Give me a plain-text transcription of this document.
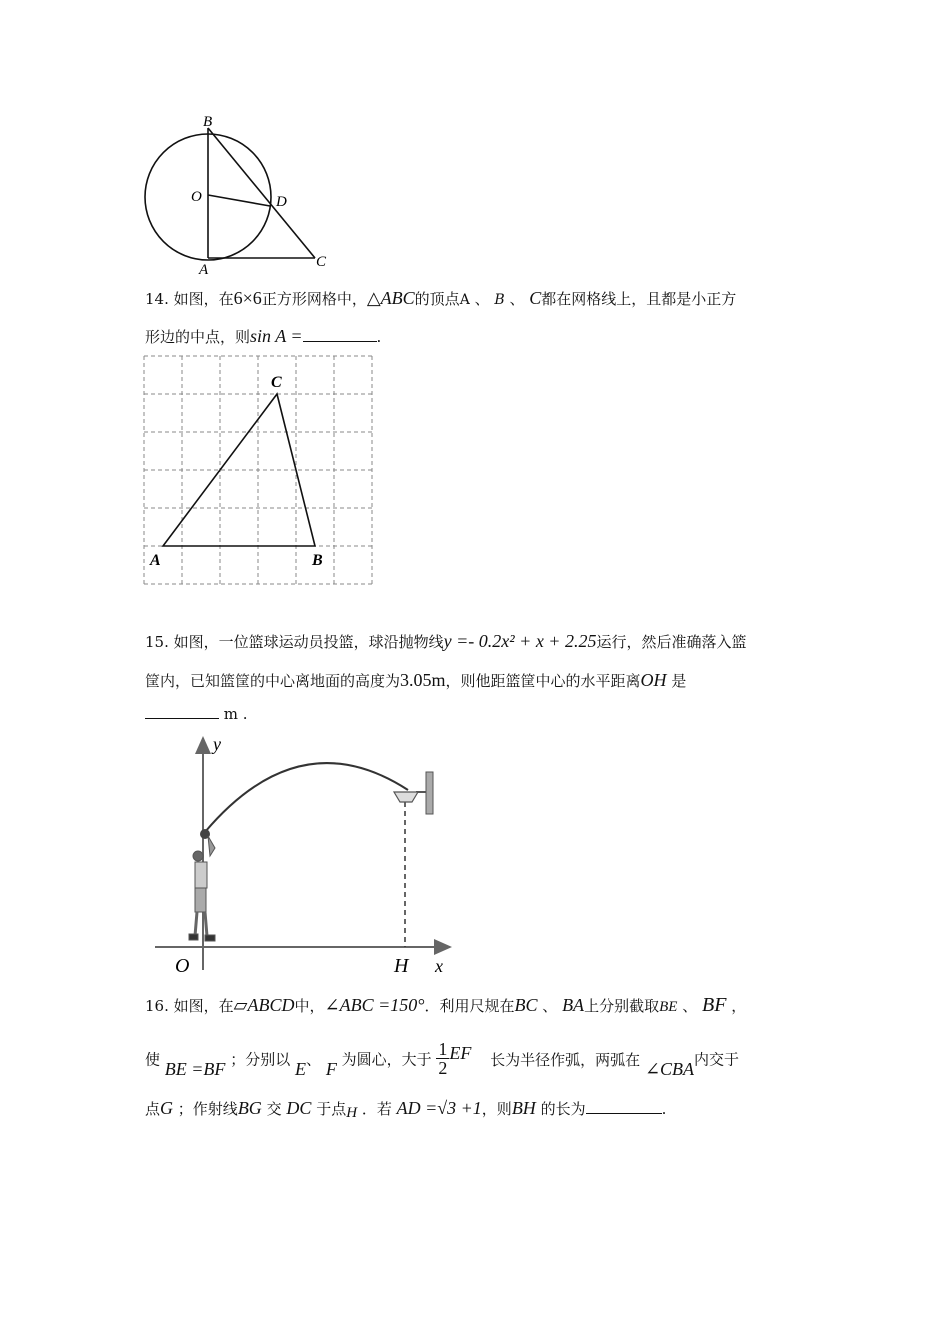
B
O	D
A	C
14. 如图，在6×6正方形网格中，△ABC的顶点A 、 B 、 C都在网格线上，且都是小正方
形边的中点，则sin A =	.
C
A	B
15. 如图，一位篮球运动员投篮，球沿抛物线y =- 0.2x² + x + 2.25运行，然后准确落入篮
筐内，已知篮筐的中心离地面的高度为3.05m，则他距篮筐中心的水平距离OH 是
m .
y
O	H x
16. 如图，在▱ABCD中，∠ABC =150°．利用尺规在BC 、 BA上分别截取BE 、 BF ，
使 BE =BF ；分别以 E、 F 为圆心，大于 $\frac{1}{2}$ EF 长为半径作弧，两弧在 ∠CBA内交于
点G ；作射线BG 交 DC 于点H ．若 AD =√3 +1，则BH 的长为	.
